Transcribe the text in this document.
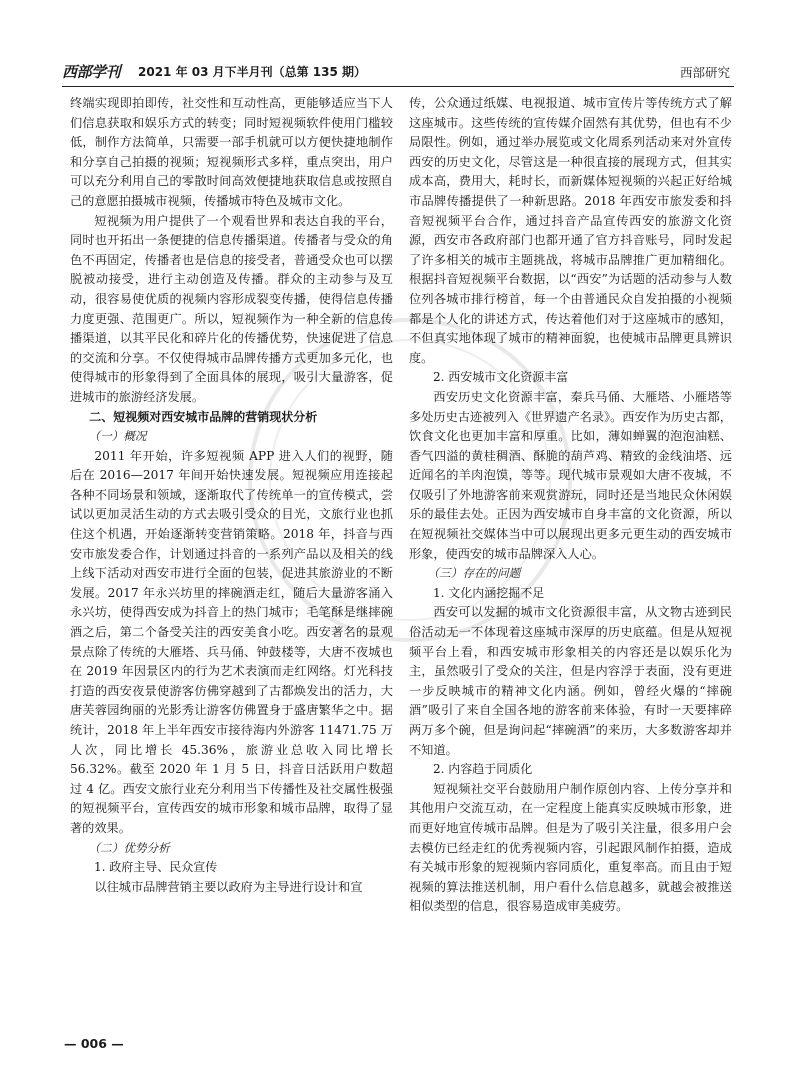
西部学刊 2021 年 03 月下半月刊（总第 135 期）	西部研究

终端实现即拍即传，社交性和互动性高，更能够适应当下人们信息获取和娱乐方式的转变；同时短视频软件使用门槛较低，制作方法简单，只需要一部手机就可以方便快捷地制作和分享自己拍摄的视频；短视频形式多样，重点突出，用户可以充分利用自己的零散时间高效便捷地获取信息或按照自己的意愿拍摄城市视频，传播城市特色及城市文化。

短视频为用户提供了一个观看世界和表达自我的平台，同时也开拓出一条便捷的信息传播渠道。传播者与受众的角色不再固定，传播者也是信息的接受者，普通受众也可以摆脱被动接受，进行主动创造及传播。群众的主动参与及互动，很容易使优质的视频内容形成裂变传播，使得信息传播力度更强、范围更广。所以，短视频作为一种全新的信息传播渠道，以其平民化和碎片化的传播优势，快速促进了信息的交流和分享。不仅使得城市品牌传播方式更加多元化，也使得城市的形象得到了全面具体的展现，吸引大量游客，促进城市的旅游经济发展。

二、短视频对西安城市品牌的营销现状分析

（一）概况

2011 年开始，许多短视频 APP 进入人们的视野，随后在 2016—2017 年间开始快速发展。短视频应用连接起各种不同场景和领域，逐渐取代了传统单一的宣传模式，尝试以更加灵活生动的方式去吸引受众的目光，文旅行业也抓住这个机遇，开始逐渐转变营销策略。2018 年，抖音与西安市旅发委合作，计划通过抖音的一系列产品以及相关的线上线下活动对西安市进行全面的包装，促进其旅游业的不断发展。2017 年永兴坊里的摔碗酒走红，随后大量游客涌入永兴坊，使得西安成为抖音上的热门城市；毛笔酥是继摔碗酒之后，第二个备受关注的西安美食小吃。西安著名的景观景点除了传统的大雁塔、兵马俑、钟鼓楼等，大唐不夜城也在 2019 年因景区内的行为艺术表演而走红网络。灯光科技打造的西安夜景使游客仿佛穿越到了古都焕发出的活力，大唐芙蓉园绚丽的光影秀让游客仿佛置身于盛唐繁华之中。据统计，2018 年上半年西安市接待海内外游客 11471.75 万人次，同比增长 45.36%，旅游业总收入同比增长 56.32%。截至 2020 年 1 月 5 日，抖音日活跃用户数超过 4 亿。西安文旅行业充分利用当下传播性及社交属性极强的短视频平台，宣传西安的城市形象和城市品牌，取得了显著的效果。

（二）优势分析

1. 政府主导、民众宣传

以往城市品牌营销主要以政府为主导进行设计和宣

传，公众通过纸媒、电视报道、城市宣传片等传统方式了解这座城市。这些传统的宣传媒介固然有其优势，但也有不少局限性。例如，通过举办展览或文化周系列活动来对外宣传西安的历史文化，尽管这是一种很直接的展现方式，但其实成本高，费用大，耗时长，而新媒体短视频的兴起正好给城市品牌传播提供了一种新思路。2018 年西安市旅发委和抖音短视频平台合作，通过抖音产品宣传西安的旅游文化资源，西安市各政府部门也都开通了官方抖音账号，同时发起了许多相关的城市主题挑战，将城市品牌推广更加精细化。根据抖音短视频平台数据，以“西安”为话题的活动参与人数位列各城市排行榜首，每一个由普通民众自发拍摄的小视频都是个人化的讲述方式，传达着他们对于这座城市的感知，不但真实地体现了城市的精神面貌，也使城市品牌更具辨识度。

2. 西安城市文化资源丰富

西安历史文化资源丰富，秦兵马俑、大雁塔、小雁塔等多处历史古迹被列入《世界遗产名录》。西安作为历史古都，饮食文化也更加丰富和厚重。比如，薄如蝉翼的泡泡油糕、香气四溢的黄桂稠酒、酥脆的葫芦鸡、精致的金线油塔、远近闻名的羊肉泡馍，等等。现代城市景观如大唐不夜城，不仅吸引了外地游客前来观赏游玩，同时还是当地民众休闲娱乐的最佳去处。正因为西安城市自身丰富的文化资源，所以在短视频社交媒体当中可以展现出更多元更生动的西安城市形象，使西安的城市品牌深入人心。

（三）存在的问题

1. 文化内涵挖掘不足

西安可以发掘的城市文化资源很丰富，从文物古迹到民俗活动无一不体现着这座城市深厚的历史底蕴。但是从短视频平台上看，和西安城市形象相关的内容还是以娱乐化为主，虽然吸引了受众的关注，但是内容浮于表面，没有更进一步反映城市的精神文化内涵。例如，曾经火爆的“摔碗酒”吸引了来自全国各地的游客前来体验，有时一天要摔碎两万多个碗，但是询问起“摔碗酒”的来历，大多数游客却并不知道。

2. 内容趋于同质化

短视频社交平台鼓励用户制作原创内容、上传分享并和其他用户交流互动，在一定程度上能真实反映城市形象，进而更好地宣传城市品牌。但是为了吸引关注量，很多用户会去模仿已经走红的优秀视频内容，引起跟风制作拍摄，造成有关城市形象的短视频内容同质化，重复率高。而且由于短视频的算法推送机制，用户看什么信息越多，就越会被推送相似类型的信息，很容易造成审美疲劳。

— 006 —
